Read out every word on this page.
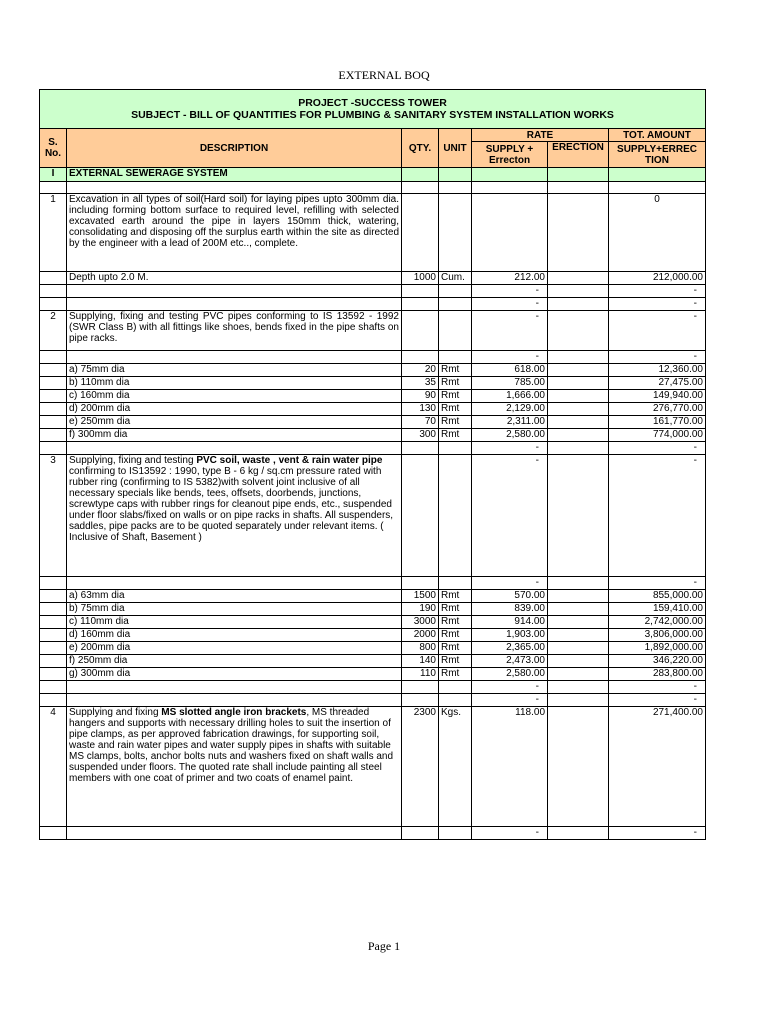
EXTERNAL BOQ
PROJECT -SUCCESS TOWER
SUBJECT - BILL OF QUANTITIES FOR PLUMBING & SANITARY SYSTEM INSTALLATION WORKS						

S. No.	DESCRIPTION	QTY.	UNIT	RATE		TOT. AMOUNT
				SUPPLY + Errecton	ERECTION	SUPPLY+ERREC TION

I	EXTERNAL SEWERAGE SYSTEM					

1	Excavation in all types of soil(Hard soil) for laying pipes upto 300mm dia. including forming bottom surface to required level, refilling with selected excavated earth around the pipe in layers 150mm thick, watering, consolidating and disposing off the surplus earth within the site as directed by the engineer with a lead of 200M etc.., complete.					0
	Depth upto 2.0 M.	1000	Cum.	212.00		212,000.00
				-		-
				-		-
2	Supplying, fixing and testing PVC pipes conforming to IS 13592 - 1992 (SWR Class B) with all fittings like shoes, bends fixed in the pipe shafts on pipe racks.			-		-
				-		-
	a) 75mm dia	20	Rmt	618.00		12,360.00
	b) 110mm dia	35	Rmt	785.00		27,475.00
	c) 160mm dia	90	Rmt	1,666.00		149,940.00
	d) 200mm dia	130	Rmt	2,129.00		276,770.00
	e) 250mm dia	70	Rmt	2,311.00		161,770.00
	f) 300mm dia	300	Rmt	2,580.00		774,000.00
				-		-
3	Supplying, fixing and testing PVC soil, waste , vent & rain water pipe confirming to IS13592 : 1990, type B - 6 kg / sq.cm pressure rated with rubber ring (confirming to IS 5382)with solvent joint inclusive of all necessary specials like bends, tees, offsets, doorbends, junctions, screwtype caps with rubber rings for cleanout pipe ends, etc., suspended under floor slabs/fixed on walls or on pipe racks in shafts. All suspenders, saddles, pipe packs are to be quoted separately under relevant items. ( Inclusive of Shaft, Basement )			-		-
				-		-
	a) 63mm dia	1500	Rmt	570.00		855,000.00
	b) 75mm dia	190	Rmt	839.00		159,410.00
	c) 110mm dia	3000	Rmt	914.00		2,742,000.00
	d) 160mm dia	2000	Rmt	1,903.00		3,806,000.00
	e) 200mm dia	800	Rmt	2,365.00		1,892,000.00
	f) 250mm dia	140	Rmt	2,473.00		346,220.00
	g) 300mm dia	110	Rmt	2,580.00		283,800.00
				-		-
				-		-
4	Supplying and fixing MS slotted angle iron brackets, MS threaded hangers and supports with necessary drilling holes to suit the insertion of pipe clamps, as per approved fabrication drawings, for supporting soil, waste and rain water pipes and water supply pipes in shafts with suitable MS clamps, bolts, anchor bolts nuts and washers fixed on shaft walls and suspended under floors. The quoted rate shall include painting all steel members with one coat of primer and two coats of enamel paint.	2300	Kgs.	118.00		271,400.00
				-		-
Page 1
